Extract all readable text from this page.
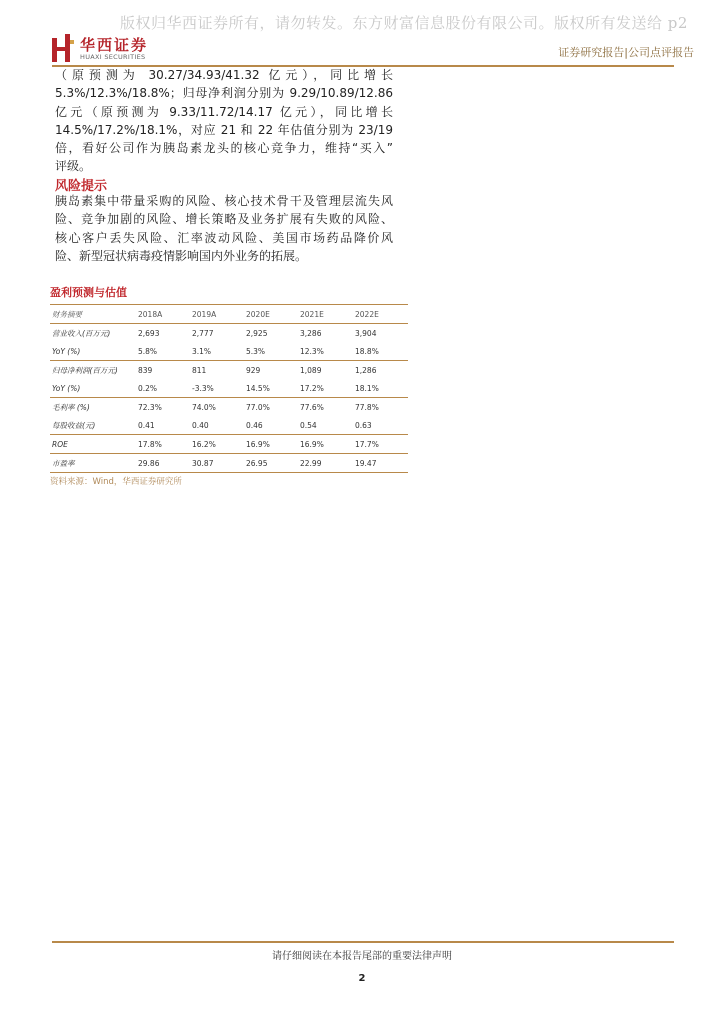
版权归华西证券所有，请勿转发。东方财富信息股份有限公司。版权所有发送给 p2
华西证券
HUAXI SECURITIES	证券研究报告|公司点评报告
（原预测为 30.27/34.93/41.32 亿元），同比增长
5.3%/12.3%/18.8%；归母净利润分别为 9.29/10.89/12.86
亿元（原预测为 9.33/11.72/14.17 亿元），同比增长
14.5%/17.2%/18.1%，对应 21 和 22 年估值分别为 23/19
倍，看好公司作为胰岛素龙头的核心竞争力，维持“买入”
评级。
风险提示
胰岛素集中带量采购的风险、核心技术骨干及管理层流失风
险、竞争加剧的风险、增长策略及业务扩展有失败的风险、
核心客户丢失风险、汇率波动风险、美国市场药品降价风
险、新型冠状病毒疫情影响国内外业务的拓展。
盈利预测与估值
财务摘要	2018A	2019A	2020E	2021E	2022E
营业收入(百万元)	2,693	2,777	2,925	3,286	3,904
YoY (%)	5.8%	3.1%	5.3%	12.3%	18.8%
归母净利润(百万元)	839	811	929	1,089	1,286
YoY (%)	0.2%	-3.3%	14.5%	17.2%	18.1%
毛利率 (%)	72.3%	74.0%	77.0%	77.6%	77.8%
每股收益(元)	0.41	0.40	0.46	0.54	0.63
ROE	17.8%	16.2%	16.9%	16.9%	17.7%
市盈率	29.86	30.87	26.95	22.99	19.47
资料来源：Wind，华西证券研究所
请仔细阅读在本报告尾部的重要法律声明
2
